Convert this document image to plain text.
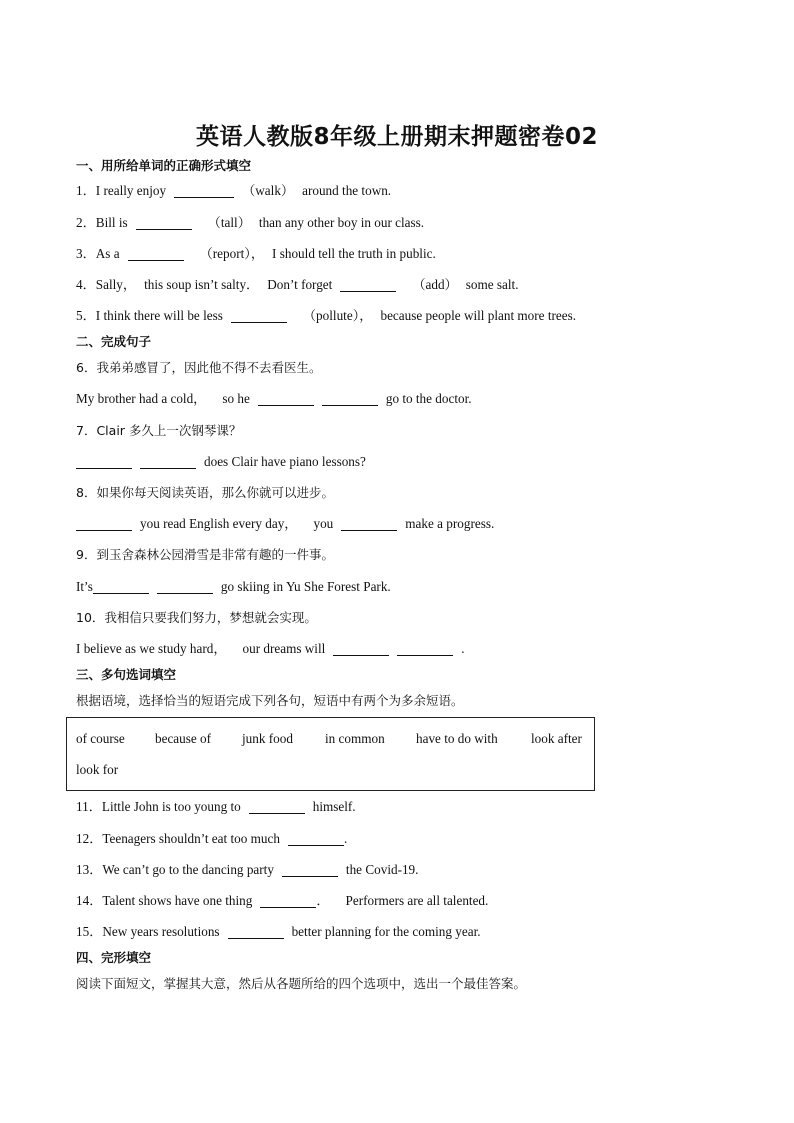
英语人教版8年级上册期末押题密卷02
一、用所给单词的正确形式填空
1．I really enjoy	（walk） around the town.
2．Bill is	（tall） than any other boy in our class.
3．As a	（report）， I should tell the truth in public.
4．Sally， this soup isn’t salty． Don’t forget	（add） some salt.
5．I think there will be less	（pollute）， because people will plant more trees.
二、完成句子
6．我弟弟感冒了，因此他不得不去看医生。
My brother had a cold， so he	go to the doctor.
7．Clair 多久上一次钢琴课？
does Clair have piano lessons?
8．如果你每天阅读英语，那么你就可以进步。
you read English every day， you	make a progress.
9．到玉舍森林公园滑雪是非常有趣的一件事。
It’s	go skiing in Yu She Forest Park.
10．我相信只要我们努力，梦想就会实现。
I believe as we study hard， our dreams will	.
三、多句选词填空
根据语境，选择恰当的短语完成下列各句，短语中有两个为多余短语。
of course because of junk food in common have to do with	look after
look for
11．Little John is too young to	himself.
12．Teenagers shouldn’t eat too much	.
13．We can’t go to the dancing party	the Covid-19.
14．Talent shows have one thing	． Performers are all talented.
15．New years resolutions	better planning for the coming year.
四、完形填空
阅读下面短文，掌握其大意，然后从各题所给的四个选项中，选出一个最佳答案。
